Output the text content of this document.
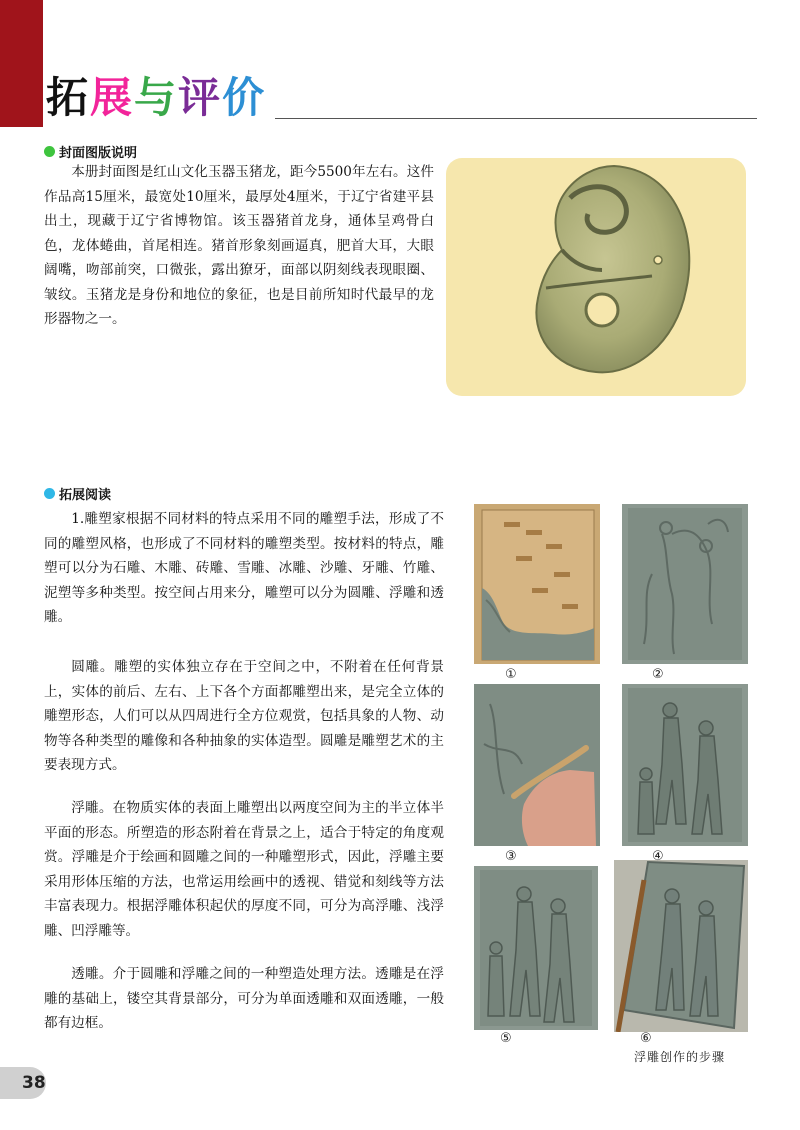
拓展与评价
封面图版说明

本册封面图是红山文化玉器玉猪龙，距今5500年左右。这件作品高15厘米，最宽处10厘米，最厚处4厘米，于辽宁省建平县出土，现藏于辽宁省博物馆。该玉器猪首龙身，通体呈鸡骨白色，龙体蜷曲，首尾相连。猪首形象刻画逼真，肥首大耳，大眼阔嘴，吻部前突，口微张，露出獠牙，面部以阴刻线表现眼圈、皱纹。玉猪龙是身份和地位的象征，也是目前所知时代最早的龙形器物之一。

拓展阅读

1.雕塑家根据不同材料的特点采用不同的雕塑手法，形成了不同的雕塑风格，也形成了不同材料的雕塑类型。按材料的特点，雕塑可以分为石雕、木雕、砖雕、雪雕、冰雕、沙雕、牙雕、竹雕、泥塑等多种类型。按空间占用来分，雕塑可以分为圆雕、浮雕和透雕。

圆雕。雕塑的实体独立存在于空间之中，不附着在任何背景上，实体的前后、左右、上下各个方面都雕塑出来，是完全立体的雕塑形态，人们可以从四周进行全方位观赏，包括具象的人物、动物等各种类型的雕像和各种抽象的实体造型。圆雕是雕塑艺术的主要表现方式。

浮雕。在物质实体的表面上雕塑出以两度空间为主的半立体半平面的形态。所塑造的形态附着在背景之上，适合于特定的角度观赏。浮雕是介于绘画和圆雕之间的一种雕塑形式，因此，浮雕主要采用形体压缩的方法，也常运用绘画中的透视、错觉和刻线等方法丰富表现力。根据浮雕体积起伏的厚度不同，可分为高浮雕、浅浮雕、凹浮雕等。

透雕。介于圆雕和浮雕之间的一种塑造处理方法。透雕是在浮雕的基础上，镂空其背景部分，可分为单面透雕和双面透雕，一般都有边框。

①	②
③	④
⑤	⑥
浮雕创作的步骤
38
